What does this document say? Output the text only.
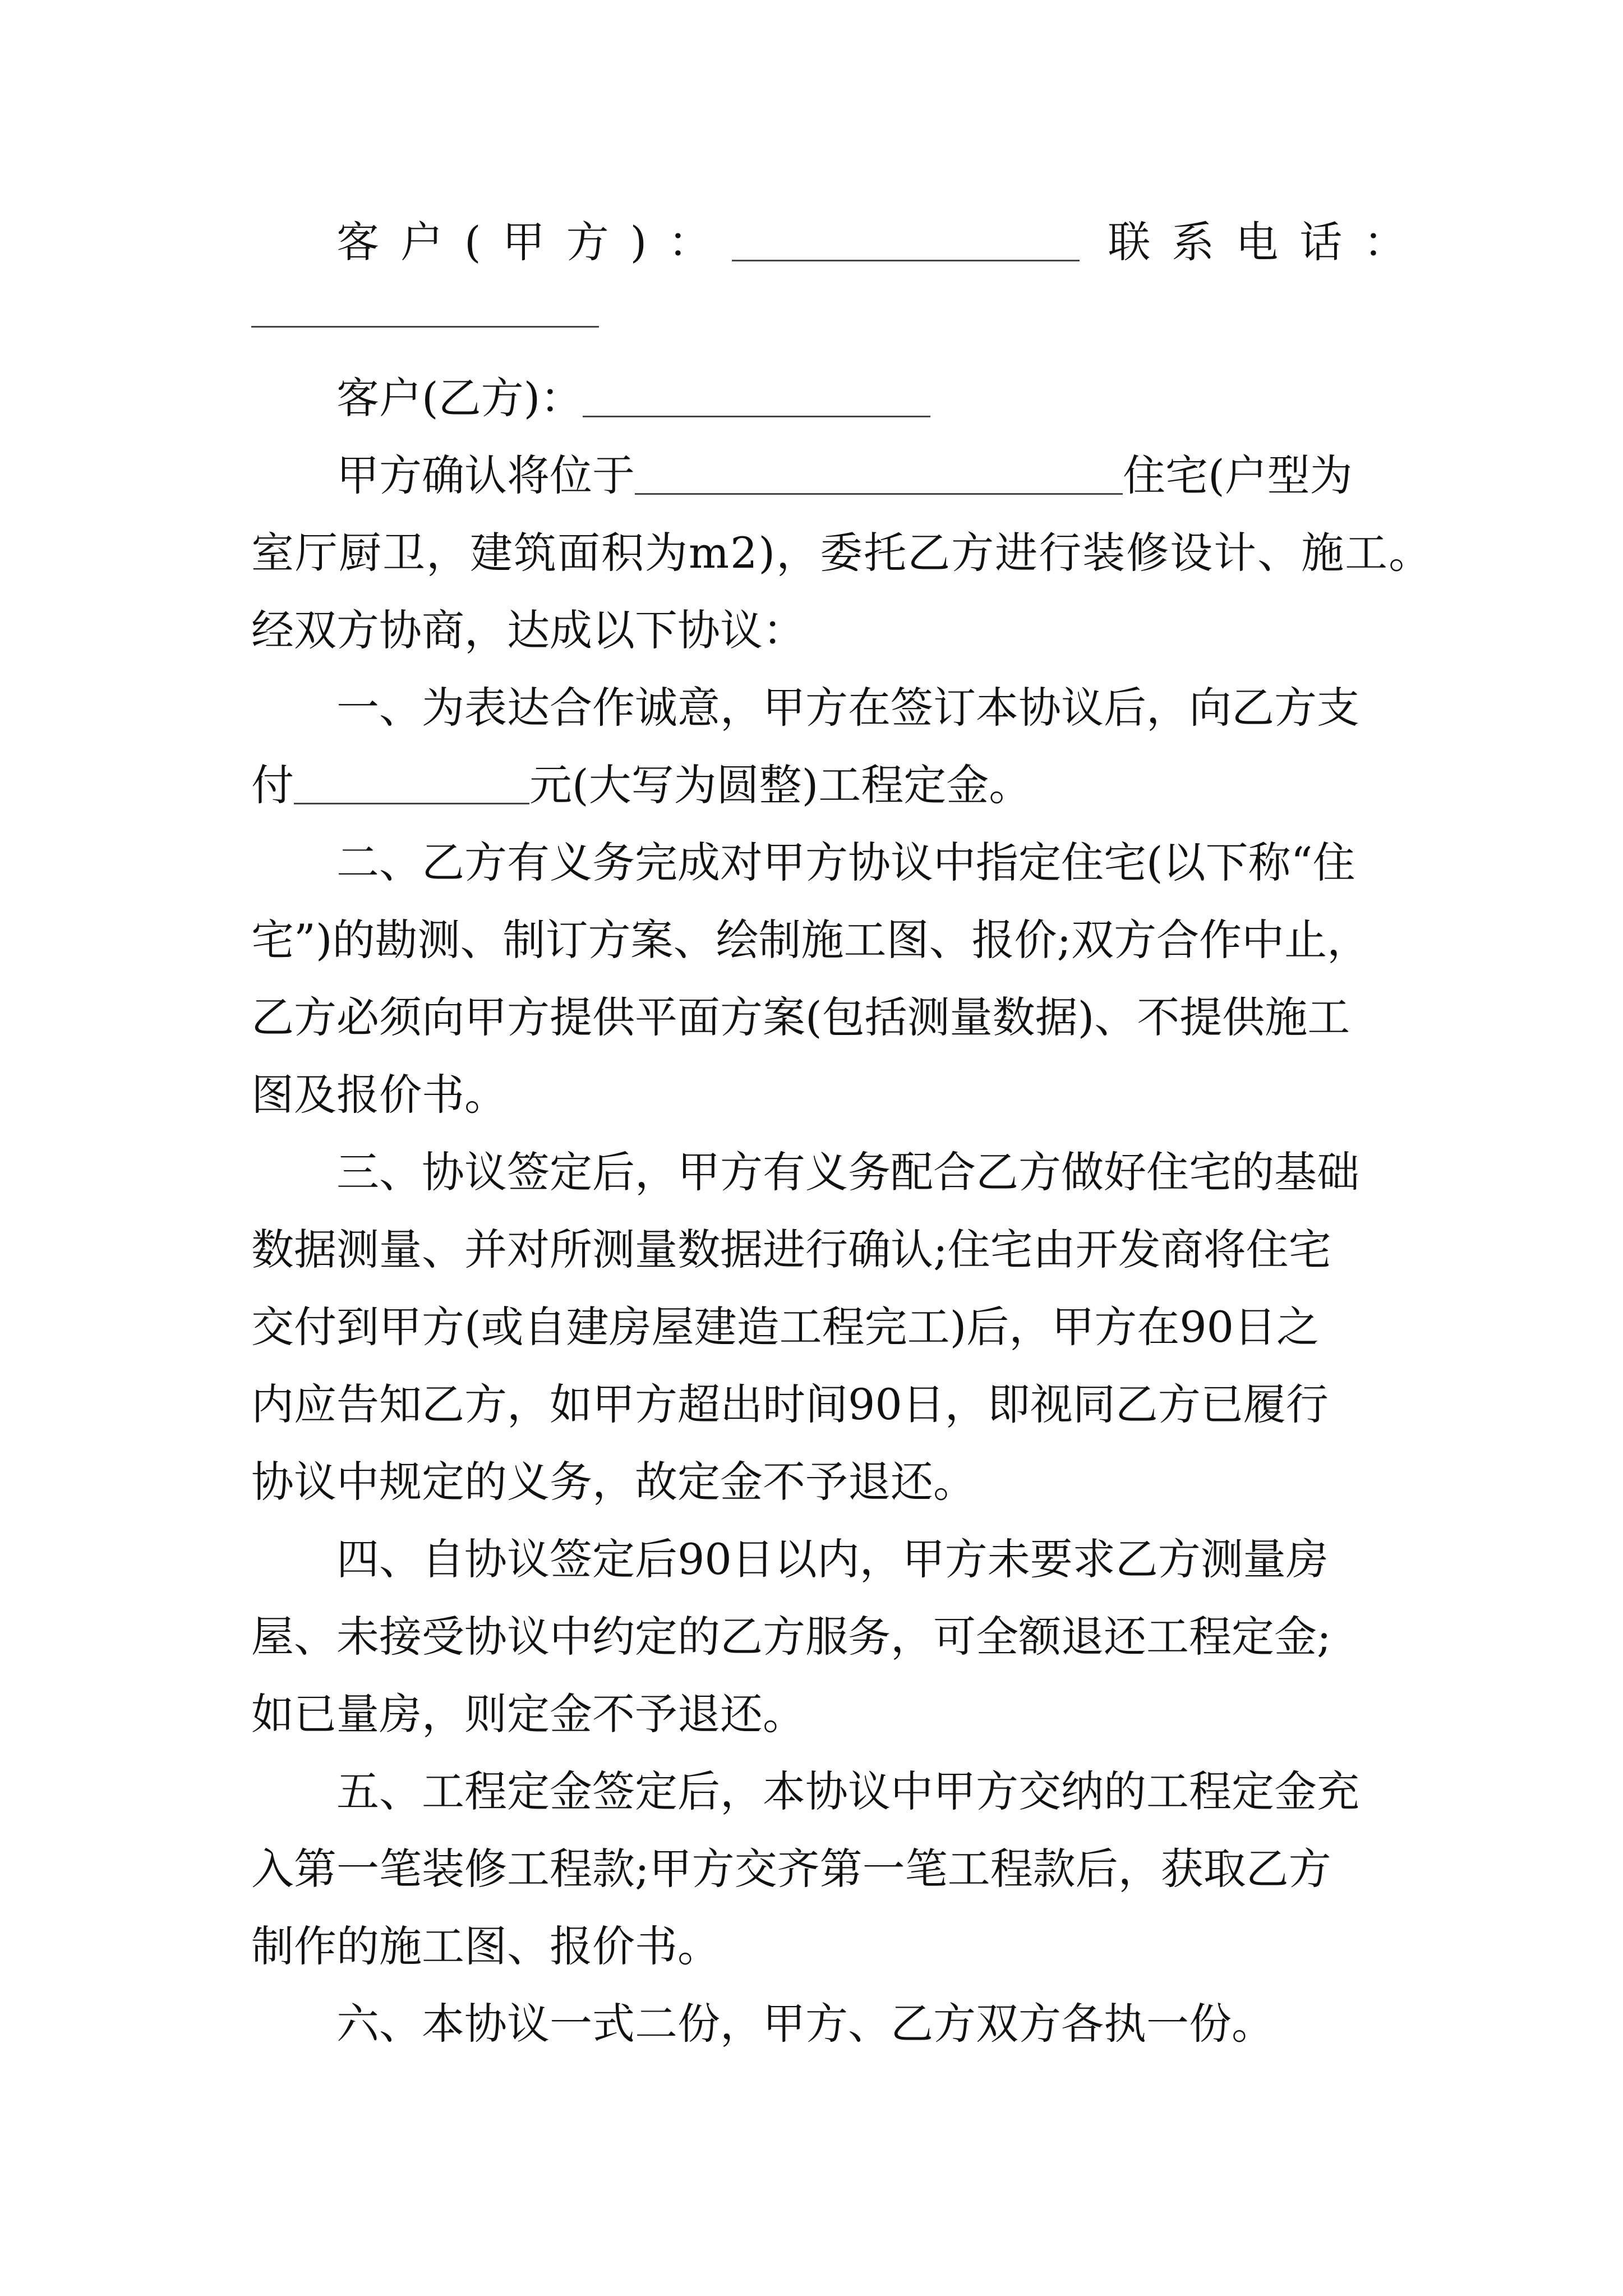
客户(甲方)：	联系电话：
客户(乙方)：
甲方确认将位于	住宅(户型为
室厅厨卫，建筑面积为m2)，委托乙方进行装修设计、施工。
经双方协商，达成以下协议：
一、为表达合作诚意，甲方在签订本协议后，向乙方支
付	元(大写为圆整)工程定金。
二、乙方有义务完成对甲方协议中指定住宅(以下称“住
宅”)的勘测、制订方案、绘制施工图、报价;双方合作中止，
乙方必须向甲方提供平面方案(包括测量数据)、不提供施工
图及报价书。
三、协议签定后，甲方有义务配合乙方做好住宅的基础
数据测量、并对所测量数据进行确认;住宅由开发商将住宅
交付到甲方(或自建房屋建造工程完工)后，甲方在90日之
内应告知乙方，如甲方超出时间90日，即视同乙方已履行
协议中规定的义务，故定金不予退还。
四、自协议签定后90日以内，甲方未要求乙方测量房
屋、未接受协议中约定的乙方服务，可全额退还工程定金;
如已量房，则定金不予退还。
五、工程定金签定后，本协议中甲方交纳的工程定金充
入第一笔装修工程款;甲方交齐第一笔工程款后，获取乙方
制作的施工图、报价书。
六、本协议一式二份，甲方、乙方双方各执一份。
